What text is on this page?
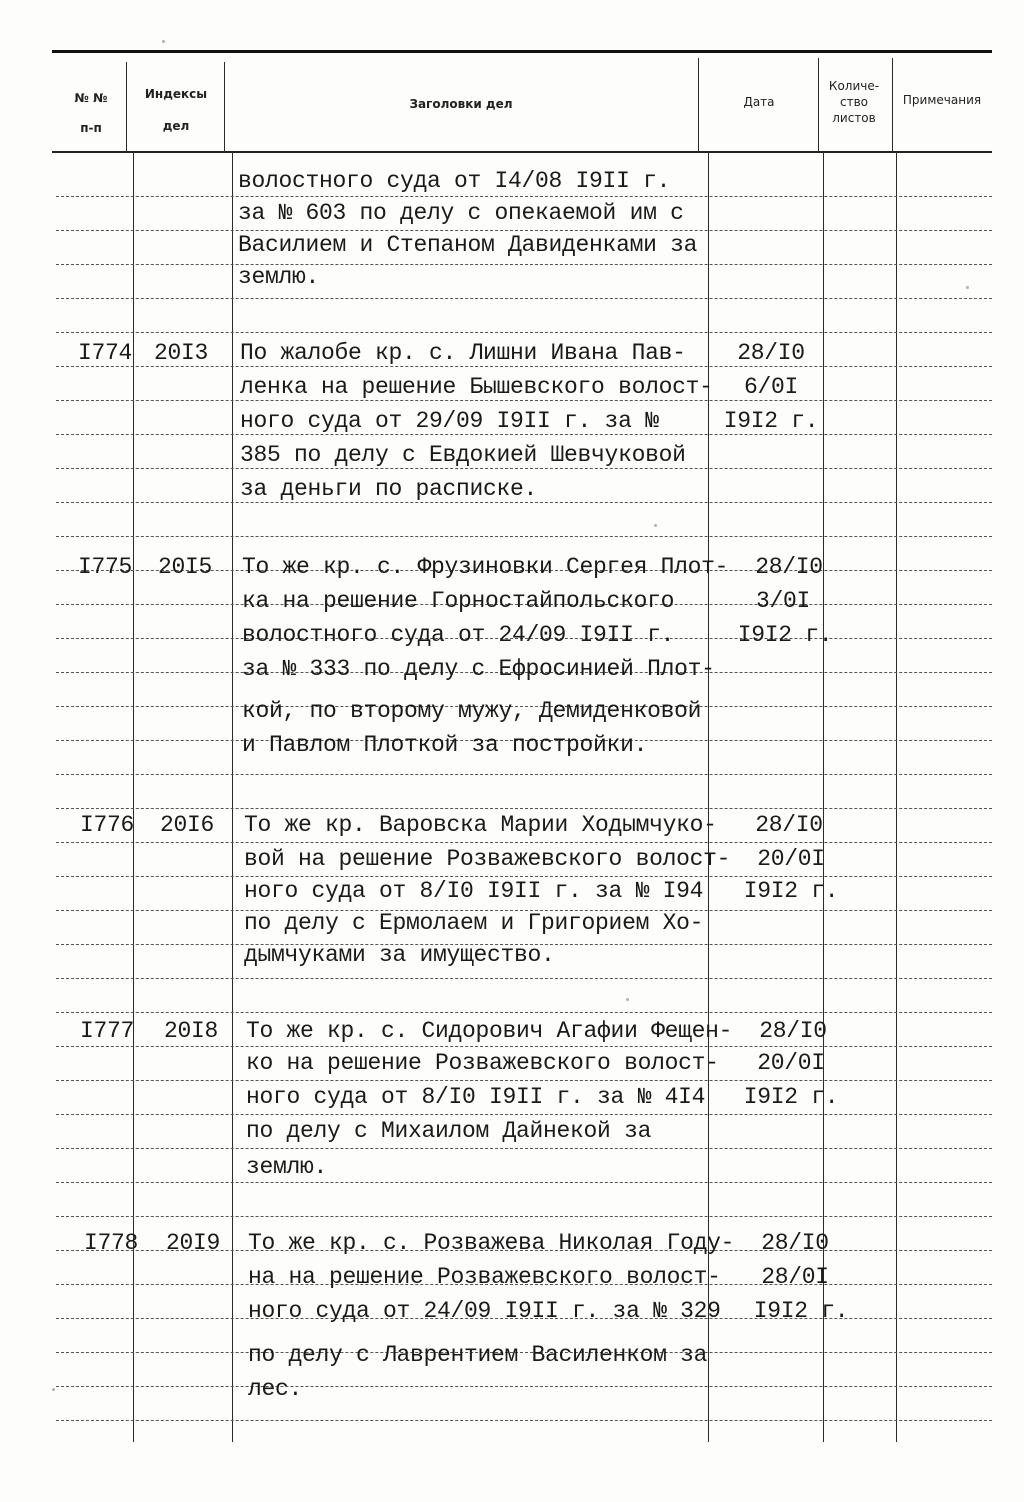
№ №
п-п
Индексы
дел
Заголовки дел	Дата
Количе-
ство
листов
Примечания
волостного суда от I4/08 I9II г.
за № 603 по делу с опекаемой им с
Василием и Степаном Давиденками за
землю.
I774 20I3 По жалобе кр. с. Лишни Ивана Пав-
ленка на решение Бышевского волост-
ного суда от 29/09 I9II г. за №
385 по делу с Евдокией Шевчуковой
за деньги по расписке.
28/I0
6/0I
I9I2 г.
I775 20I5 То же кр. с. Фрузиновки Сергея Плот-
ка на решение Горностайпольского
волостного суда от 24/09 I9II г.
за № 333 по делу с Ефросинией Плот-
кой, по второму мужу, Демиденковой
и Павлом Плоткой за постройки.
28/I0
3/0I
I9I2 г.
I776 20I6 То же кр. Варовска Марии Ходымчуко-
вой на решение Розважевского волост-
ного суда от 8/I0 I9II г. за № I94
по делу с Ермолаем и Григорием Хо-
дымчуками за имущество.
28/I0
20/0I
I9I2 г.
I777 20I8 То же кр. с. Сидорович Агафии Фещен-
ко на решение Розважевского волост-
ного суда от 8/I0 I9II г. за № 4I4
по делу с Михаилом Дайнекой за
землю.
28/I0
20/0I
I9I2 г.
I778 20I9 То же кр. с. Розважева Николая Году-
на на решение Розважевского волост-
ного суда от 24/09 I9II г. за № 329
по делу с Лаврентием Василенком за
лес.
28/I0
28/0I
I9I2 г.
